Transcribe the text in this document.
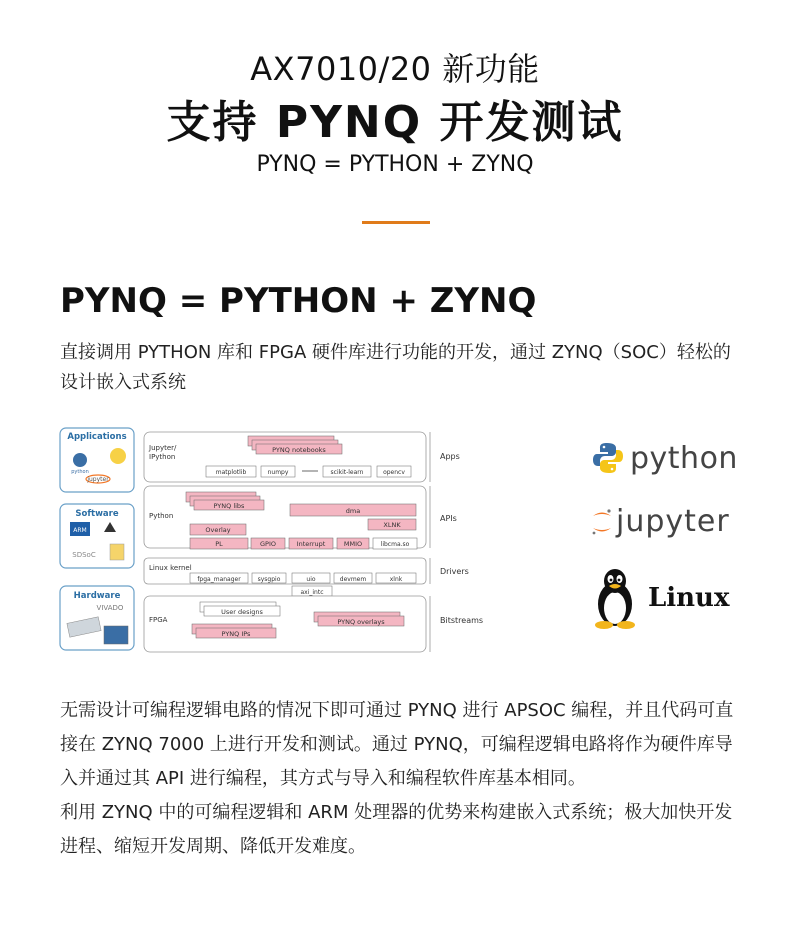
AX7010/20 新功能
支持 PYNQ 开发测试
PYNQ = PYTHON + ZYNQ
PYNQ = PYTHON + ZYNQ
直接调用 PYTHON 库和 FPGA 硬件库进行功能的开发，通过 ZYNQ（SOC）轻松的设计嵌入式系统
Applications
jupyter
python
Software
ARM
SDSoC
Hardware
VIVADO
Jupyter/
IPython
PYNQ notebooks
matplotlib	numpy	scikit-learn	opencv
Apps
Python
PYNQ libs
dma
XLNK
Overlay
PL	GPIO	Interrupt	MMIO	libcma.so
APIs
Linux kernel
fpga_manager	sysgpio	uio	devmem	xlnk
Drivers
axi_intc
FPGA
User designs
PYNQ overlays
PYNQ IPs
Bitstreams
python
jupyter
Linux

无需设计可编程逻辑电路的情况下即可通过 PYNQ 进行 APSOC 编程，并且代码可直接在 ZYNQ 7000 上进行开发和测试。通过 PYNQ，可编程逻辑电路将作为硬件库导入并通过其 API 进行编程，其方式与导入和编程软件库基本相同。

利用 ZYNQ 中的可编程逻辑和 ARM 处理器的优势来构建嵌入式系统；极大加快开发进程、缩短开发周期、降低开发难度。
